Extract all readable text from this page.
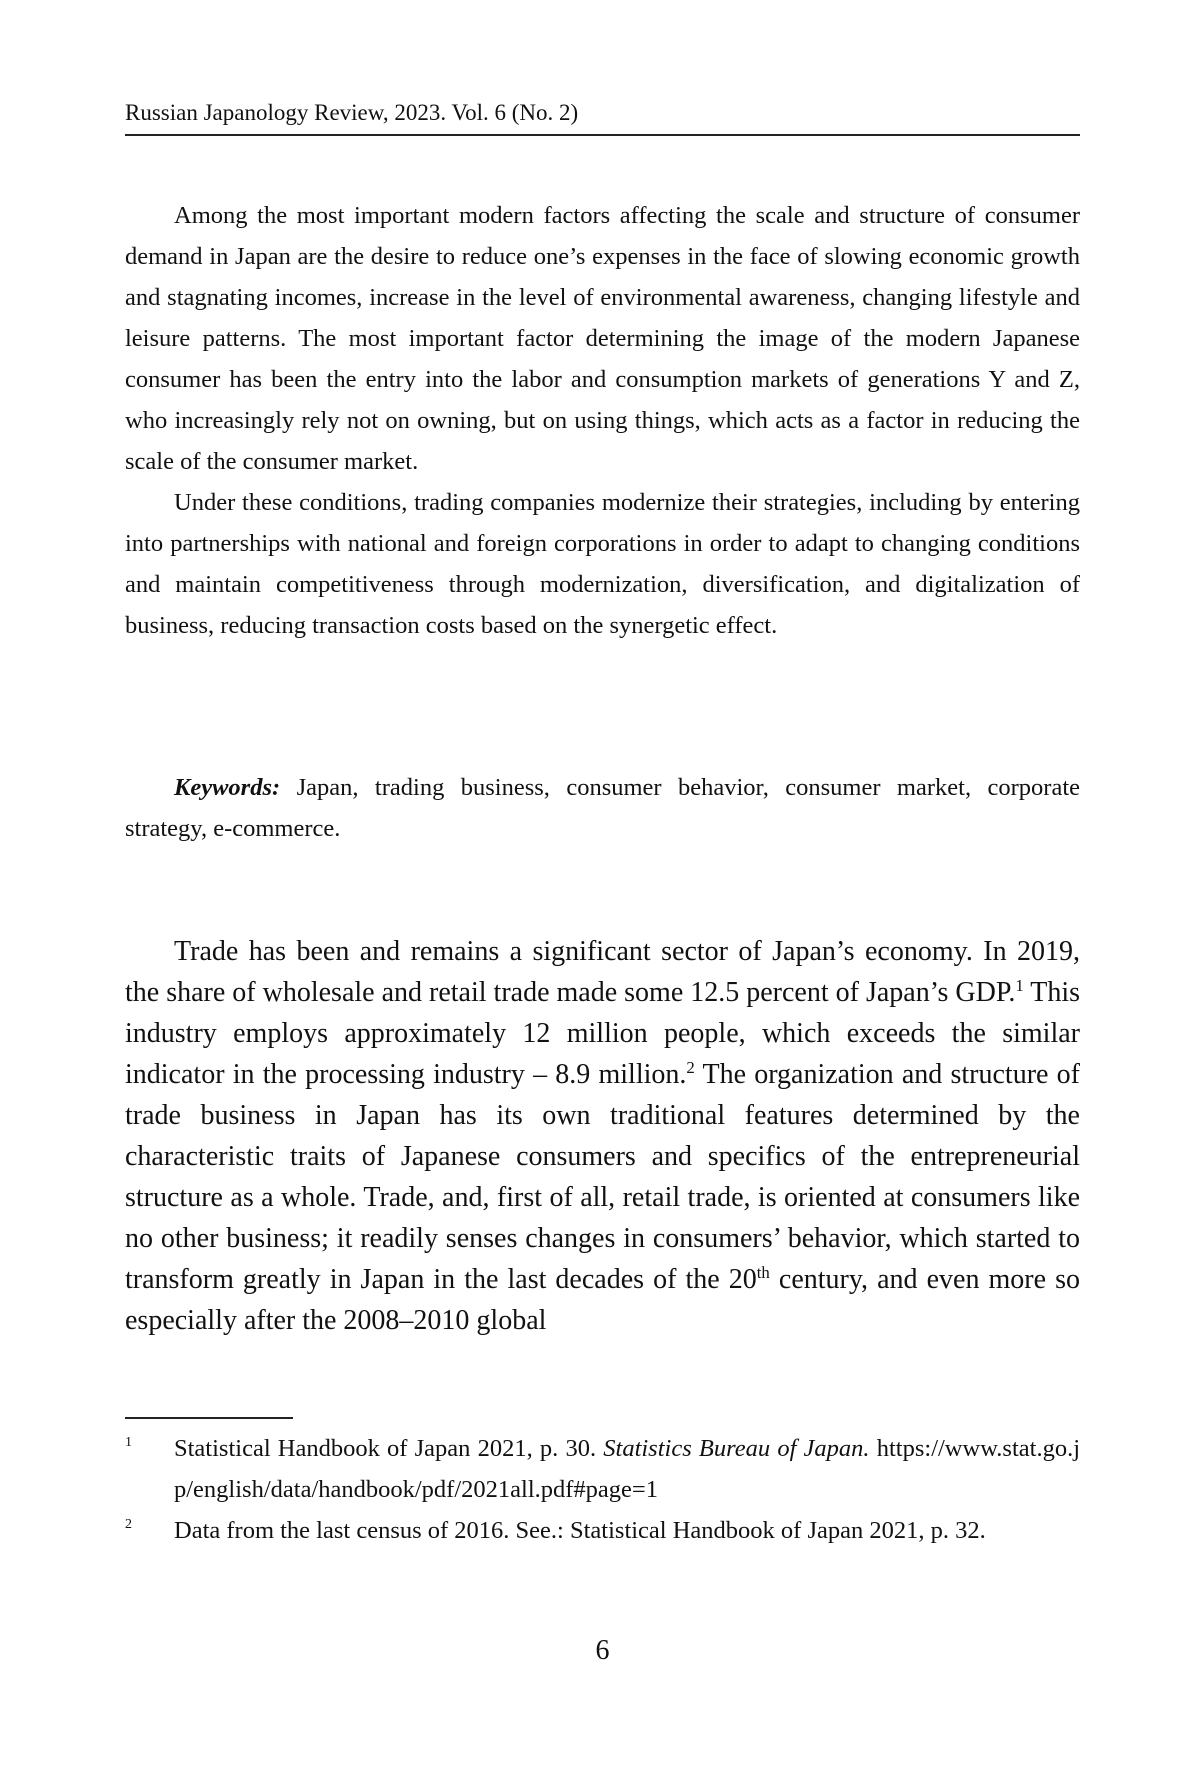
Russian Japanology Review, 2023. Vol. 6 (No. 2)

Among the most important modern factors affecting the scale and structure of consumer demand in Japan are the desire to reduce one’s expenses in the face of slowing economic growth and stagnating incomes, increase in the level of environmental awareness, changing lifestyle and leisure patterns. The most important factor determining the image of the modern Japanese consumer has been the entry into the labor and consumption markets of generations Y and Z, who increasingly rely not on owning, but on using things, which acts as a factor in reducing the scale of the consumer market.

Under these conditions, trading companies modernize their strategies, including by entering into partnerships with national and foreign corporations in order to adapt to changing conditions and maintain competitiveness through modernization, diversification, and digitalization of business, reducing transaction costs based on the synergetic effect.

Keywords: Japan, trading business, consumer behavior, consumer market, corporate strategy, e-commerce.

Trade has been and remains a significant sector of Japan’s economy. In 2019, the share of wholesale and retail trade made some 12.5 percent of Japan’s GDP.$^1$ This industry employs approximately 12 million people, which exceeds the similar indicator in the processing industry – 8.9 million.$^2$ The organization and structure of trade business in Japan has its own traditional features determined by the characteristic traits of Japanese consumers and specifics of the entrepreneurial structure as a whole. Trade, and, first of all, retail trade, is oriented at consumers like no other business; it readily senses changes in consumers’ behavior, which started to transform greatly in Japan in the last decades of the 20th century, and even more so especially after the 2008–2010 global

1	Statistical Handbook of Japan 2021, p. 30. Statistics Bureau of Japan. https://www.stat.go.jp/english/data/handbook/pdf/2021all.pdf#page=1
2	Data from the last census of 2016. See.: Statistical Handbook of Japan 2021, p. 32.
6
